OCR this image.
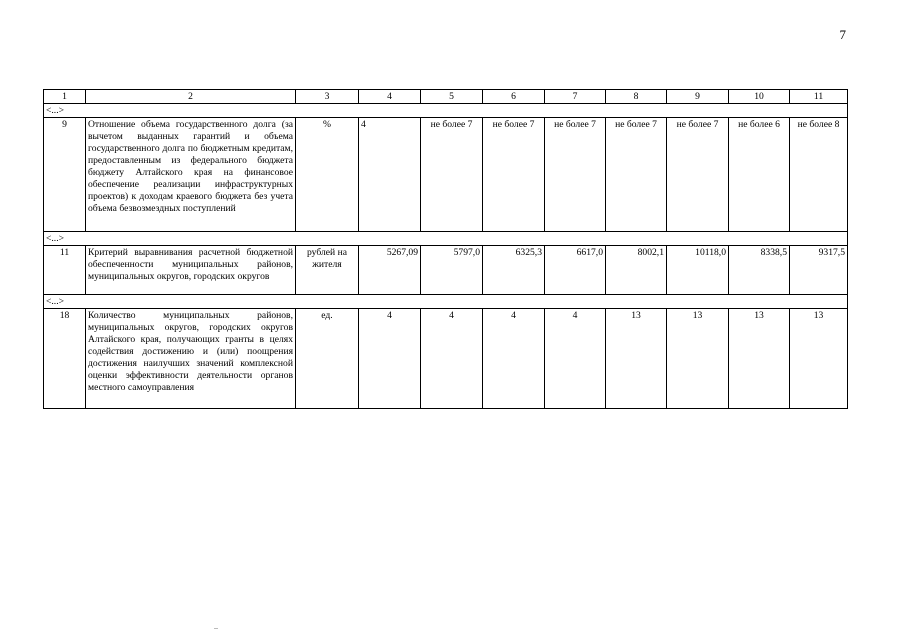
7
1	2	3	4	5	6	7	8	9	10	11
<...>										
9	Отношение объема государственного долга (за вычетом выданных гарантий и объема государственного долга по бюджетным кредитам, предоставленным из федерального бюджета бюджету Алтайского края на финансовое обеспечение реализации инфраструктурных проектов) к доходам краевого бюджета без учета объема безвозмездных поступлений	%	4	не более 7	не более 7	не более 7	не более 7	не более 7	не более 6	не более 8
<...>										
11	Критерий выравнивания расчетной бюджетной обеспеченности муниципальных районов, муниципальных округов, городских округов	рублей на жителя	5267,09	5797,0	6325,3	6617,0	8002,1	10118,0	8338,5	9317,5
<...>										
18	Количество муниципальных районов, муниципальных округов, городских округов Алтайского края, получающих гранты в целях содействия достижению и (или) поощрения достижения наилучших значений комплексной оценки эффективности деятельности органов местного самоуправления	ед.	4	4	4	4	13	13	13	13
